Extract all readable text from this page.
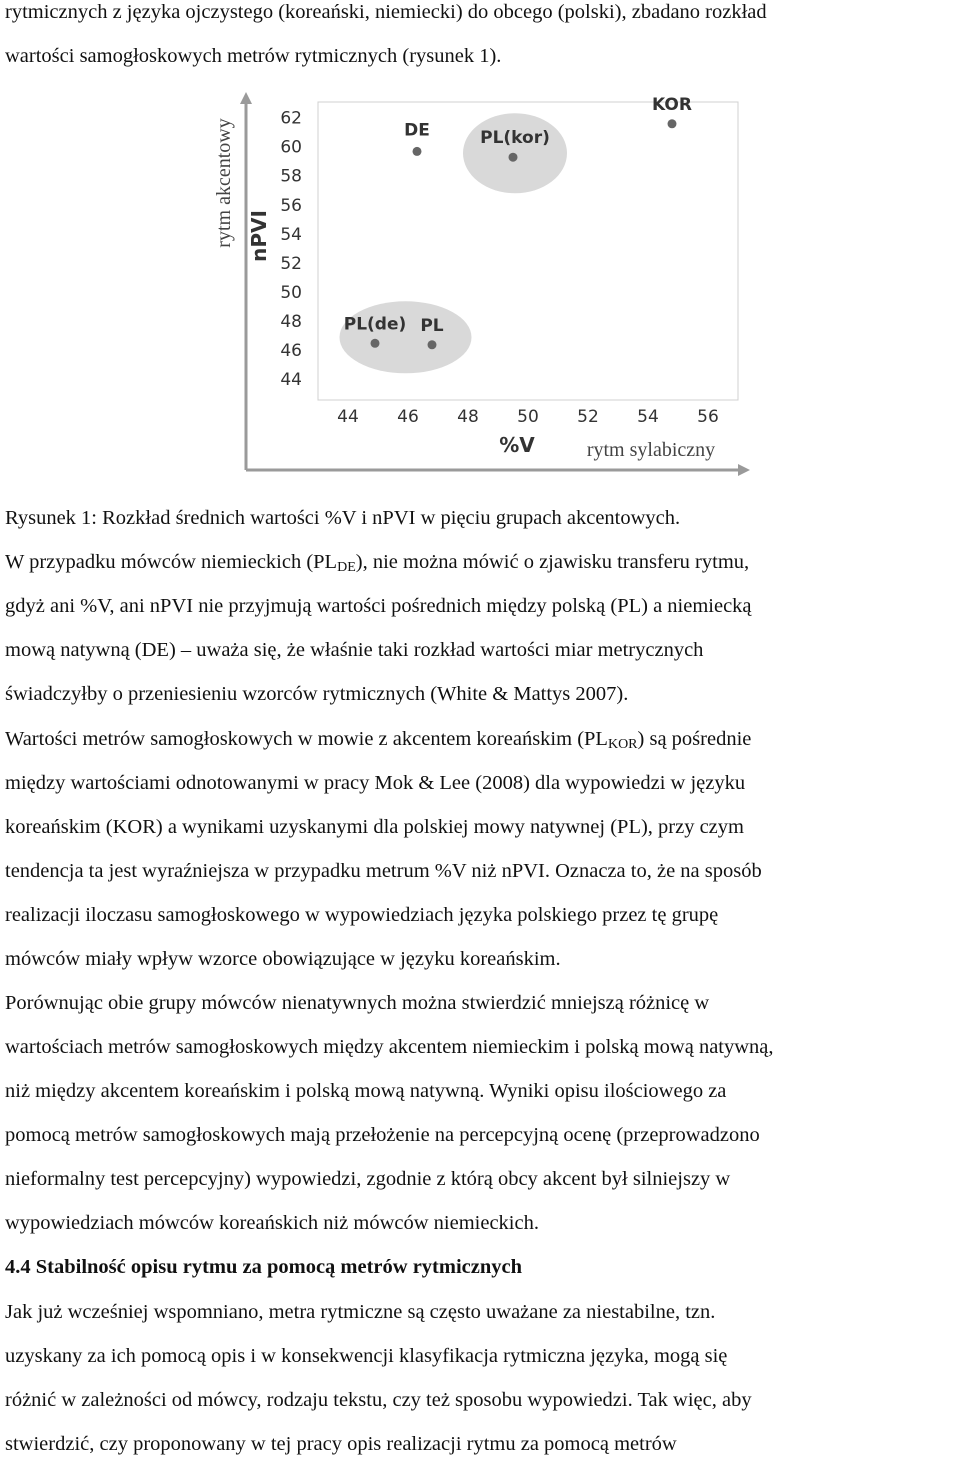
rytmicznych z języka ojczystego (koreański, niemiecki) do obcego (polski), zbadano rozkład

wartości samogłoskowych metrów rytmicznych (rysunek 1).

62
60
58
56
54
52
50
48
46
44
44 46 48 50 52 54 56
DE	PL(kor)
KOR
PL(de) PL
rytm akcentowy nPVI
%V	rytm sylabiczny

Rysunek 1: Rozkład średnich wartości %V i nPVI w pięciu grupach akcentowych.

W przypadku mówców niemieckich $(PL_{DE})$, nie można mówić o zjawisku transferu rytmu,

gdyż ani %V, ani nPVI nie przyjmują wartości pośrednich między polską (PL) a niemiecką

mową natywną (DE) – uważa się, że właśnie taki rozkład wartości miar metrycznych

świadczyłby o przeniesieniu wzorców rytmicznych (White & Mattys 2007).

Wartości metrów samogłoskowych w mowie z akcentem koreańskim $(PL_{KOR})$ są pośrednie

między wartościami odnotowanymi w pracy Mok & Lee (2008) dla wypowiedzi w języku

koreańskim (KOR) a wynikami uzyskanymi dla polskiej mowy natywnej (PL), przy czym

tendencja ta jest wyraźniejsza w przypadku metrum %V niż nPVI. Oznacza to, że na sposób

realizacji iloczasu samogłoskowego w wypowiedziach języka polskiego przez tę grupę

mówców miały wpływ wzorce obowiązujące w języku koreańskim.

Porównując obie grupy mówców nienatywnych można stwierdzić mniejszą różnicę w

wartościach metrów samogłoskowych między akcentem niemieckim i polską mową natywną,

niż między akcentem koreańskim i polską mową natywną. Wyniki opisu ilościowego za

pomocą metrów samogłoskowych mają przełożenie na percepcyjną ocenę (przeprowadzono

nieformalny test percepcyjny) wypowiedzi, zgodnie z którą obcy akcent był silniejszy w

wypowiedziach mówców koreańskich niż mówców niemieckich.

4.4 Stabilność opisu rytmu za pomocą metrów rytmicznych

Jak już wcześniej wspomniano, metra rytmiczne są często uważane za niestabilne, tzn.

uzyskany za ich pomocą opis i w konsekwencji klasyfikacja rytmiczna języka, mogą się

różnić w zależności od mówcy, rodzaju tekstu, czy też sposobu wypowiedzi. Tak więc, aby

stwierdzić, czy proponowany w tej pracy opis realizacji rytmu za pomocą metrów
